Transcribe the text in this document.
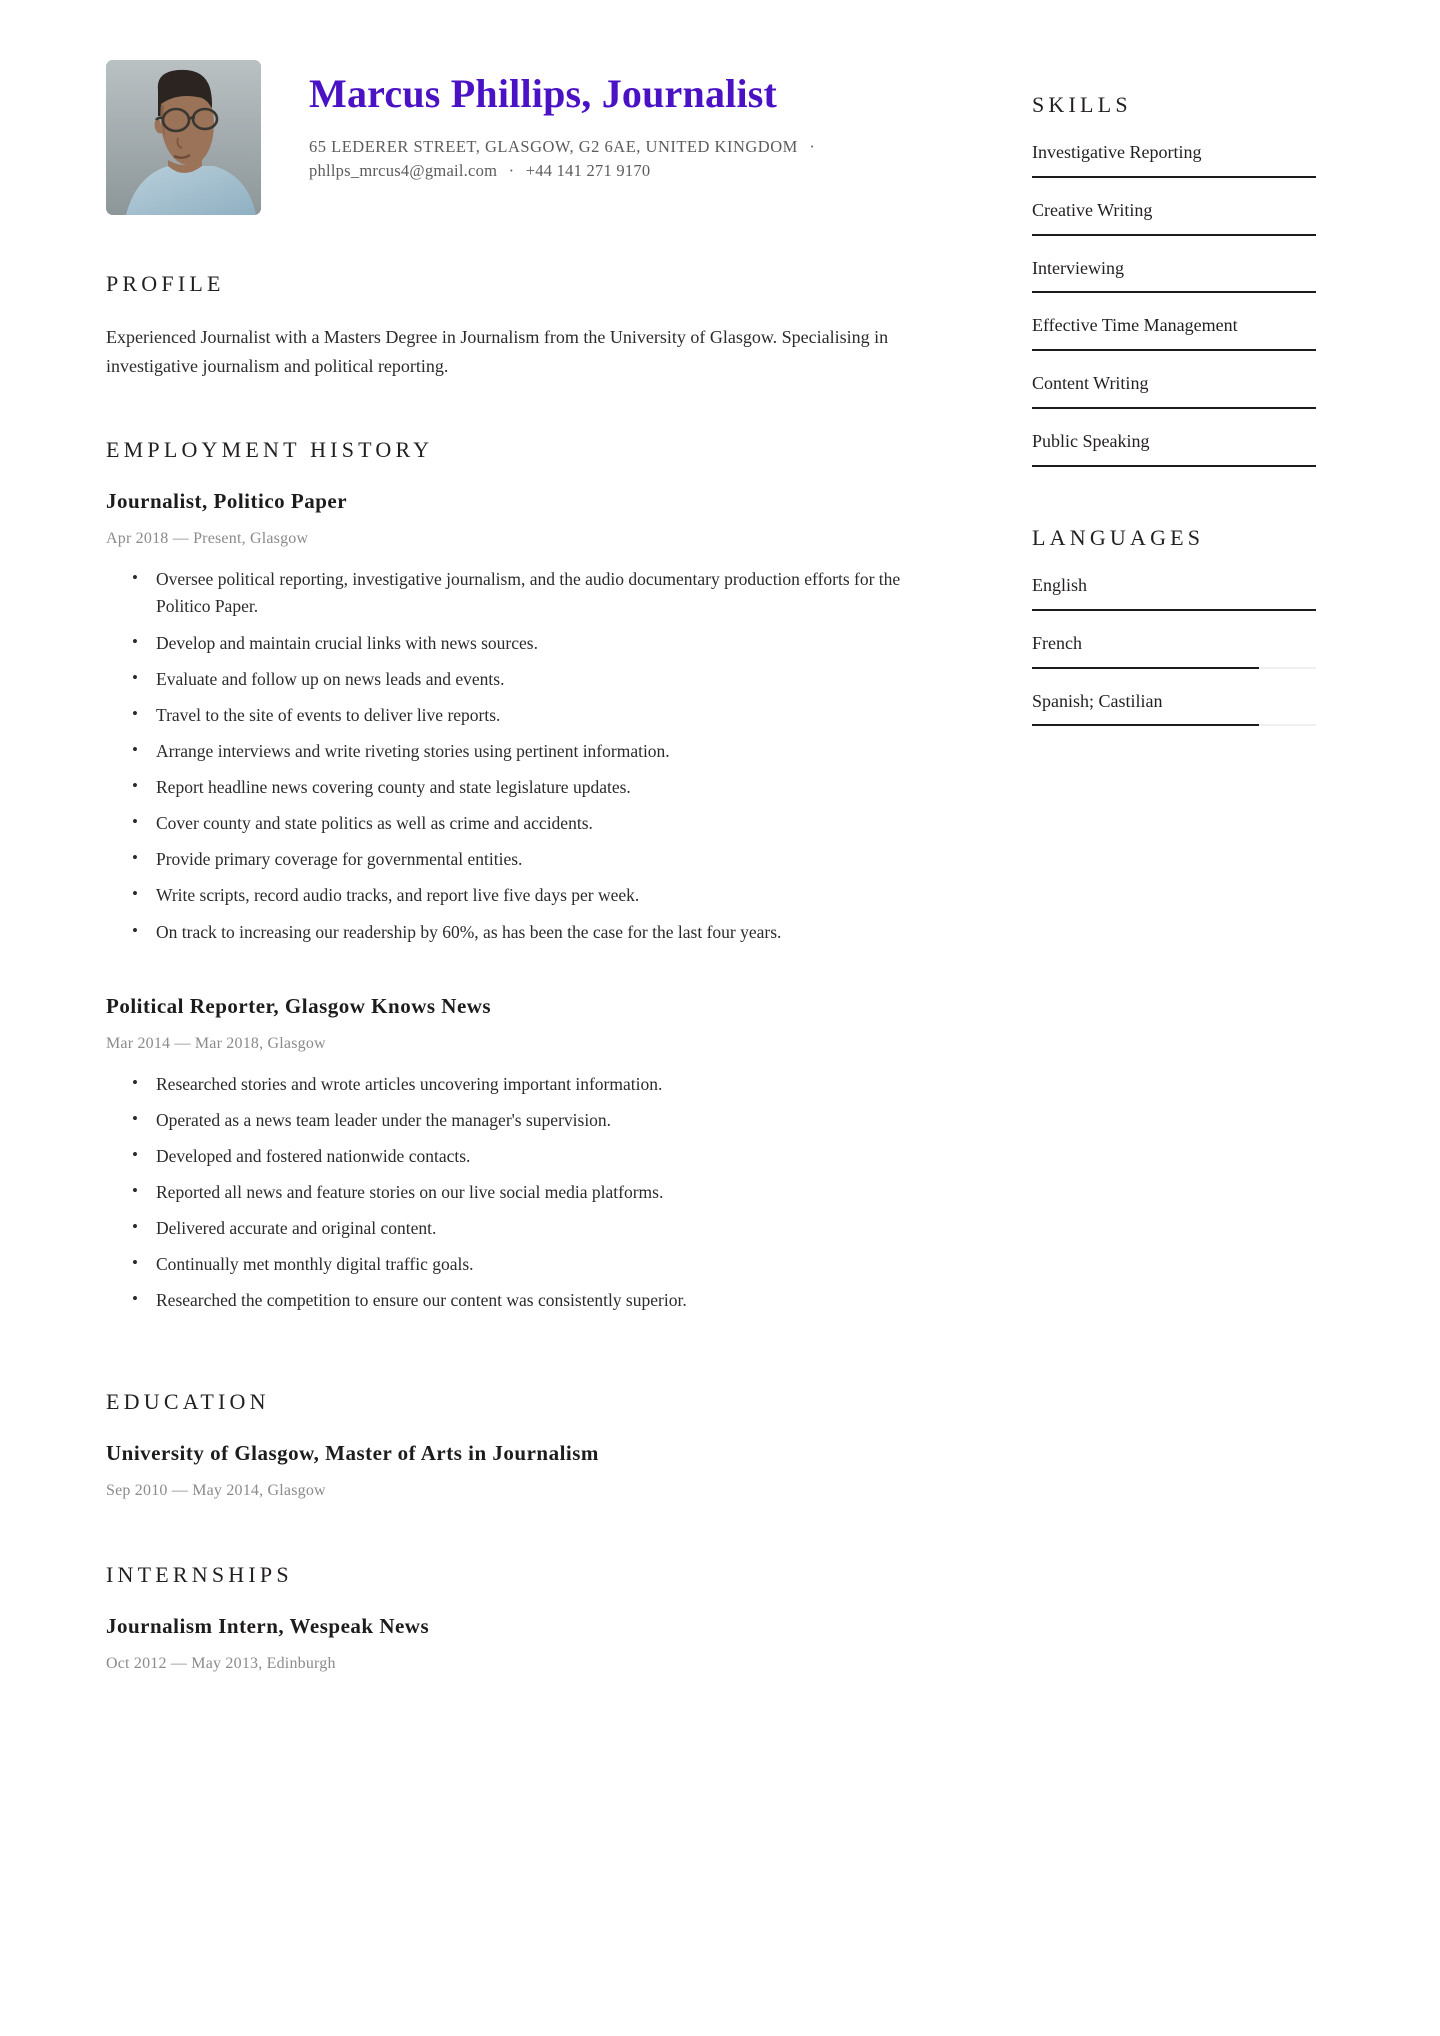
Marcus Phillips, Journalist
65 LEDERER STREET, GLASGOW, G2 6AE, UNITED KINGDOM ·
phllps_mrcus4@gmail.com · +44 141 271 9170
PROFILE
Experienced Journalist with a Masters Degree in Journalism from the University of Glasgow. Specialising in investigative journalism and political reporting.
EMPLOYMENT HISTORY
Journalist, Politico Paper
Apr 2018 — Present, Glasgow
• Oversee political reporting, investigative journalism, and the audio documentary production efforts for the Politico Paper.
• Develop and maintain crucial links with news sources.
• Evaluate and follow up on news leads and events.
• Travel to the site of events to deliver live reports.
• Arrange interviews and write riveting stories using pertinent information.
• Report headline news covering county and state legislature updates.
• Cover county and state politics as well as crime and accidents.
• Provide primary coverage for governmental entities.
• Write scripts, record audio tracks, and report live five days per week.
• On track to increasing our readership by 60%, as has been the case for the last four years.
Political Reporter, Glasgow Knows News
Mar 2014 — Mar 2018, Glasgow
• Researched stories and wrote articles uncovering important information.
• Operated as a news team leader under the manager's supervision.
• Developed and fostered nationwide contacts.
• Reported all news and feature stories on our live social media platforms.
• Delivered accurate and original content.
• Continually met monthly digital traffic goals.
• Researched the competition to ensure our content was consistently superior.
EDUCATION
University of Glasgow, Master of Arts in Journalism
Sep 2010 — May 2014, Glasgow
INTERNSHIPS
Journalism Intern, Wespeak News
Oct 2012 — May 2013, Edinburgh
SKILLS
Investigative Reporting
Creative Writing
Interviewing
Effective Time Management
Content Writing
Public Speaking
LANGUAGES
English
French
Spanish; Castilian
